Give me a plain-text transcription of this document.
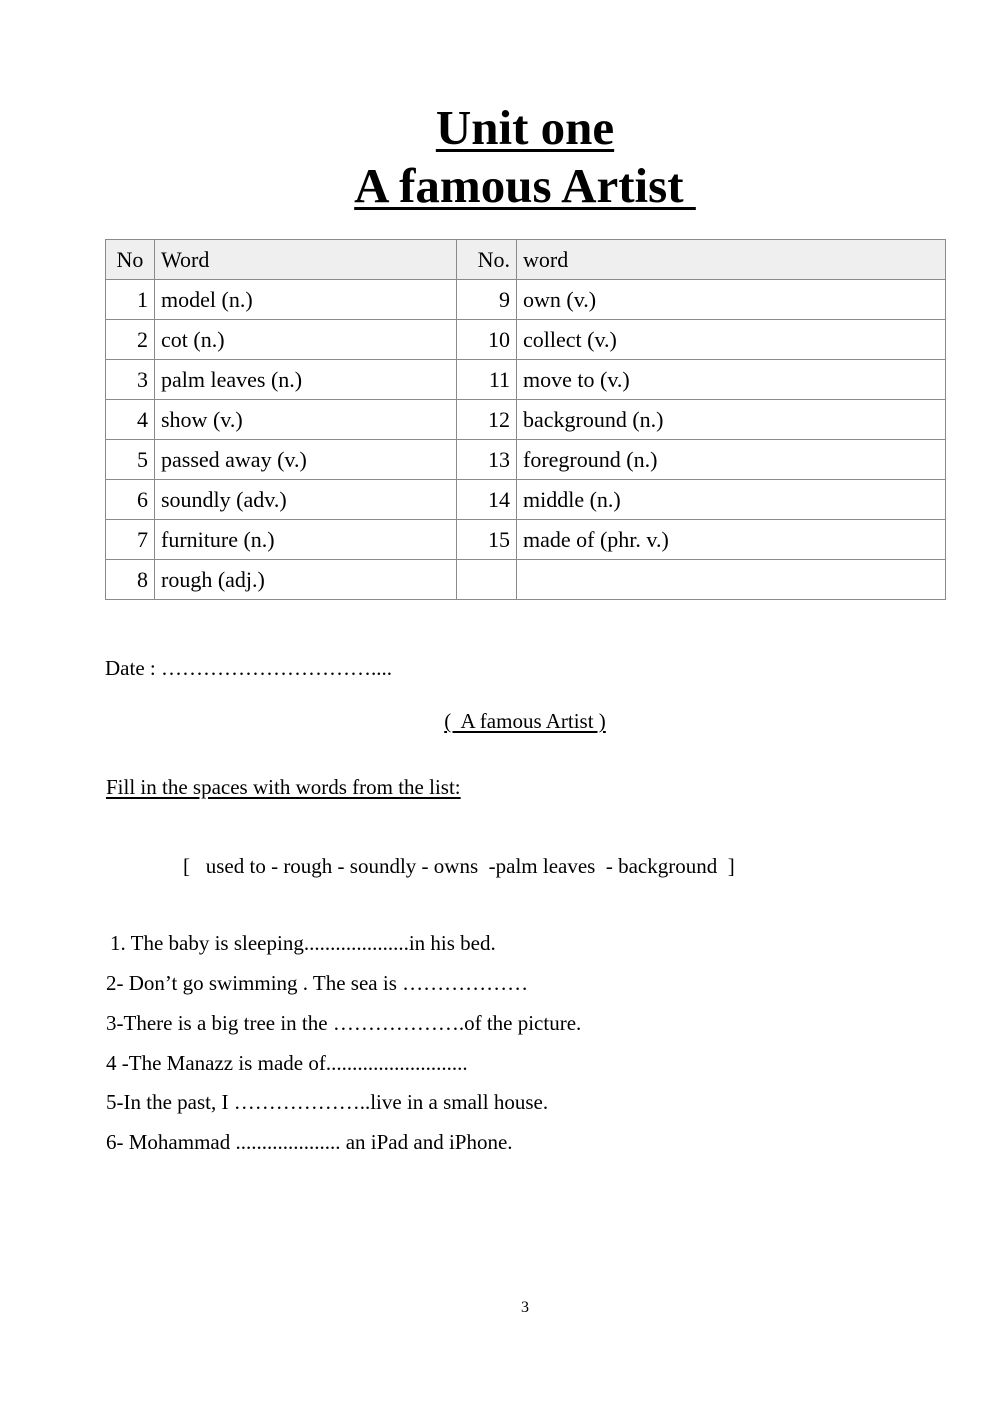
Unit one
A famous Artist
No	Word	No.	word
1	model (n.)	9	own (v.)
2	cot (n.)	10	collect (v.)
3	palm leaves (n.)	11	move to (v.)
4	show (v.)	12	background (n.)
5	passed away (v.)	13	foreground (n.)
6	soundly (adv.)	14	middle (n.)
7	furniture (n.)	15	made of (phr. v.)
8	rough (adj.)		
Date : …………………………....
(  A famous Artist )
Fill in the spaces with words from the list:
[   used to - rough - soundly - owns  -palm leaves  - background  ]
1. The baby is sleeping....................in his bed.
2- Don’t go swimming . The sea is ………………
3-There is a big tree in the ……………….of the picture.
4 -The Manazz is made of...........................
5-In the past, I ………………..live in a small house.
6- Mohammad .................... an iPad and iPhone.
3
